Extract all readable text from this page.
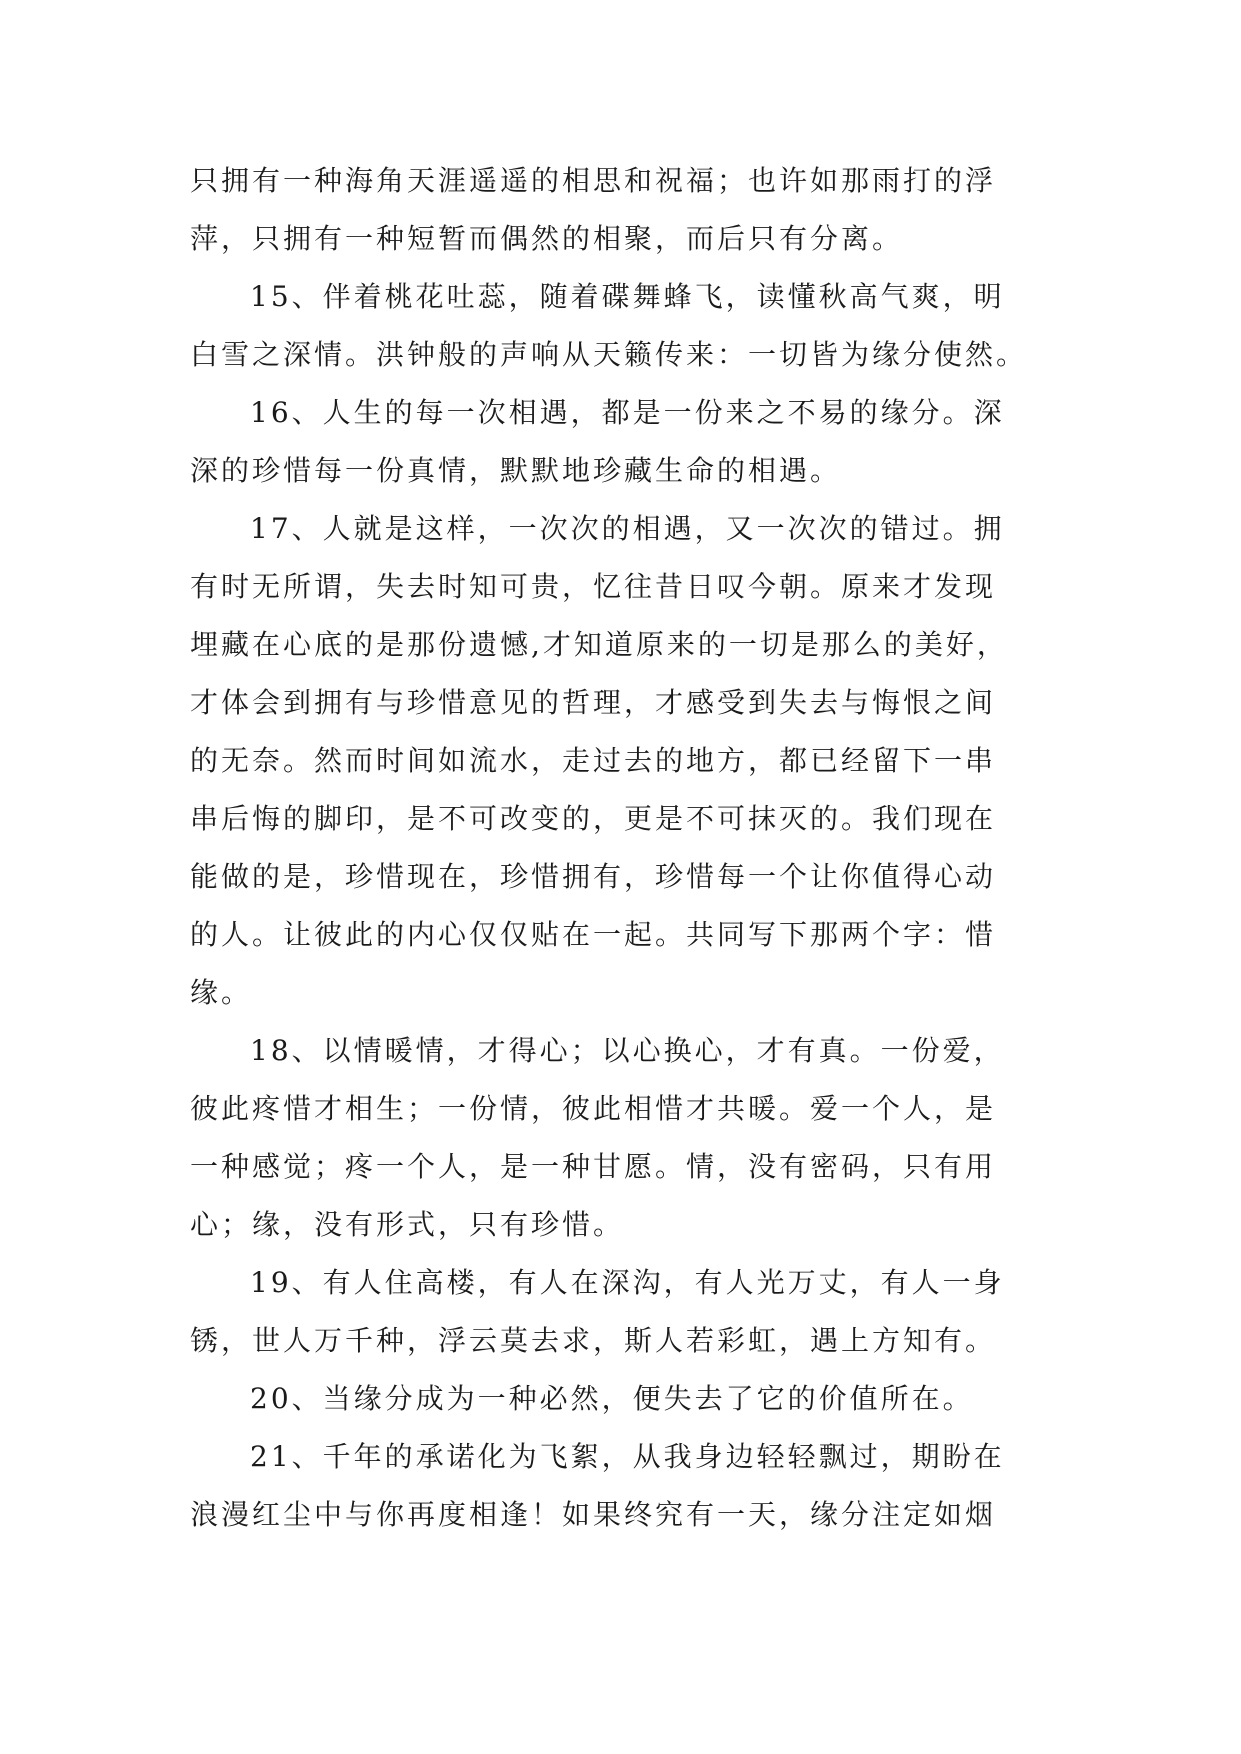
只拥有一种海角天涯遥遥的相思和祝福；也许如那雨打的浮
萍，只拥有一种短暂而偶然的相聚，而后只有分离。
15、伴着桃花吐蕊，随着碟舞蜂飞，读懂秋高气爽，明
白雪之深情。洪钟般的声响从天籁传来：一切皆为缘分使然。
16、人生的每一次相遇，都是一份来之不易的缘分。深
深的珍惜每一份真情，默默地珍藏生命的相遇。
17、人就是这样，一次次的相遇，又一次次的错过。拥
有时无所谓，失去时知可贵，忆往昔日叹今朝。原来才发现
埋藏在心底的是那份遗憾,才知道原来的一切是那么的美好，
才体会到拥有与珍惜意见的哲理，才感受到失去与悔恨之间
的无奈。然而时间如流水，走过去的地方，都已经留下一串
串后悔的脚印，是不可改变的，更是不可抹灭的。我们现在
能做的是，珍惜现在，珍惜拥有，珍惜每一个让你值得心动
的人。让彼此的内心仅仅贴在一起。共同写下那两个字：惜
缘。
18、以情暖情，才得心；以心换心，才有真。一份爱，
彼此疼惜才相生；一份情，彼此相惜才共暖。爱一个人，是
一种感觉；疼一个人，是一种甘愿。情，没有密码，只有用
心；缘，没有形式，只有珍惜。
19、有人住高楼，有人在深沟，有人光万丈，有人一身
锈，世人万千种，浮云莫去求，斯人若彩虹，遇上方知有。
20、当缘分成为一种必然，便失去了它的价值所在。
21、千年的承诺化为飞絮，从我身边轻轻飘过，期盼在
浪漫红尘中与你再度相逢！如果终究有一天，缘分注定如烟
